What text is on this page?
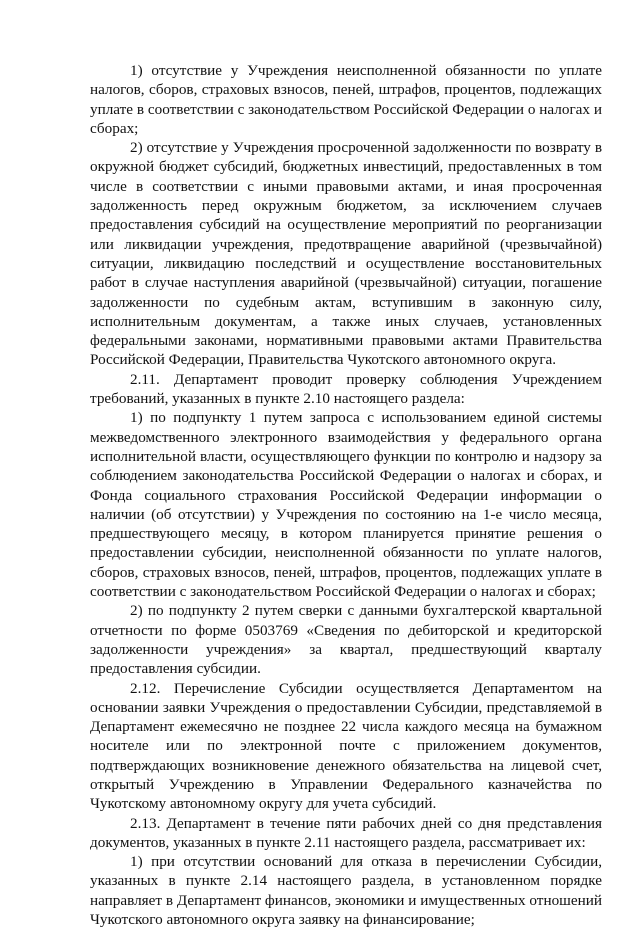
1) отсутствие у Учреждения неисполненной обязанности по уплате налогов, сборов, страховых взносов, пеней, штрафов, процентов, подлежащих уплате в соответствии с законодательством Российской Федерации о налогах и сборах;

2) отсутствие у Учреждения просроченной задолженности по возврату в окружной бюджет субсидий, бюджетных инвестиций, предоставленных в том числе в соответствии с иными правовыми актами, и иная просроченная задолженность перед окружным бюджетом, за исключением случаев предоставления субсидий на осуществление мероприятий по реорганизации или ликвидации учреждения, предотвращение аварийной (чрезвычайной) ситуации, ликвидацию последствий и осуществление восстановительных работ в случае наступления аварийной (чрезвычайной) ситуации, погашение задолженности по судебным актам, вступившим в законную силу, исполнительным документам, а также иных случаев, установленных федеральными законами, нормативными правовыми актами Правительства Российской Федерации, Правительства Чукотского автономного округа.

2.11. Департамент проводит проверку соблюдения Учреждением требований, указанных в пункте 2.10 настоящего раздела:

1) по подпункту 1 путем запроса с использованием единой системы межведомственного электронного взаимодействия у федерального органа исполнительной власти, осуществляющего функции по контролю и надзору за соблюдением законодательства Российской Федерации о налогах и сборах, и Фонда социального страхования Российской Федерации информации о наличии (об отсутствии) у Учреждения по состоянию на 1-е число месяца, предшествующего месяцу, в котором планируется принятие решения о предоставлении субсидии, неисполненной обязанности по уплате налогов, сборов, страховых взносов, пеней, штрафов, процентов, подлежащих уплате в соответствии с законодательством Российской Федерации о налогах и сборах;

2) по подпункту 2 путем сверки с данными бухгалтерской квартальной отчетности по форме 0503769 «Сведения по дебиторской и кредиторской задолженности учреждения» за квартал, предшествующий кварталу предоставления субсидии.

2.12. Перечисление Субсидии осуществляется Департаментом на основании заявки Учреждения о предоставлении Субсидии, представляемой в Департамент ежемесячно не позднее 22 числа каждого месяца на бумажном носителе или по электронной почте с приложением документов, подтверждающих возникновение денежного обязательства на лицевой счет, открытый Учреждению в Управлении Федерального казначейства по Чукотскому автономному округу для учета субсидий.

2.13. Департамент в течение пяти рабочих дней со дня представления документов, указанных в пункте 2.11 настоящего раздела, рассматривает их:

1) при отсутствии оснований для отказа в перечислении Субсидии, указанных в пункте 2.14 настоящего раздела, в установленном порядке направляет в Департамент финансов, экономики и имущественных отношений Чукотского автономного округа заявку на финансирование;
